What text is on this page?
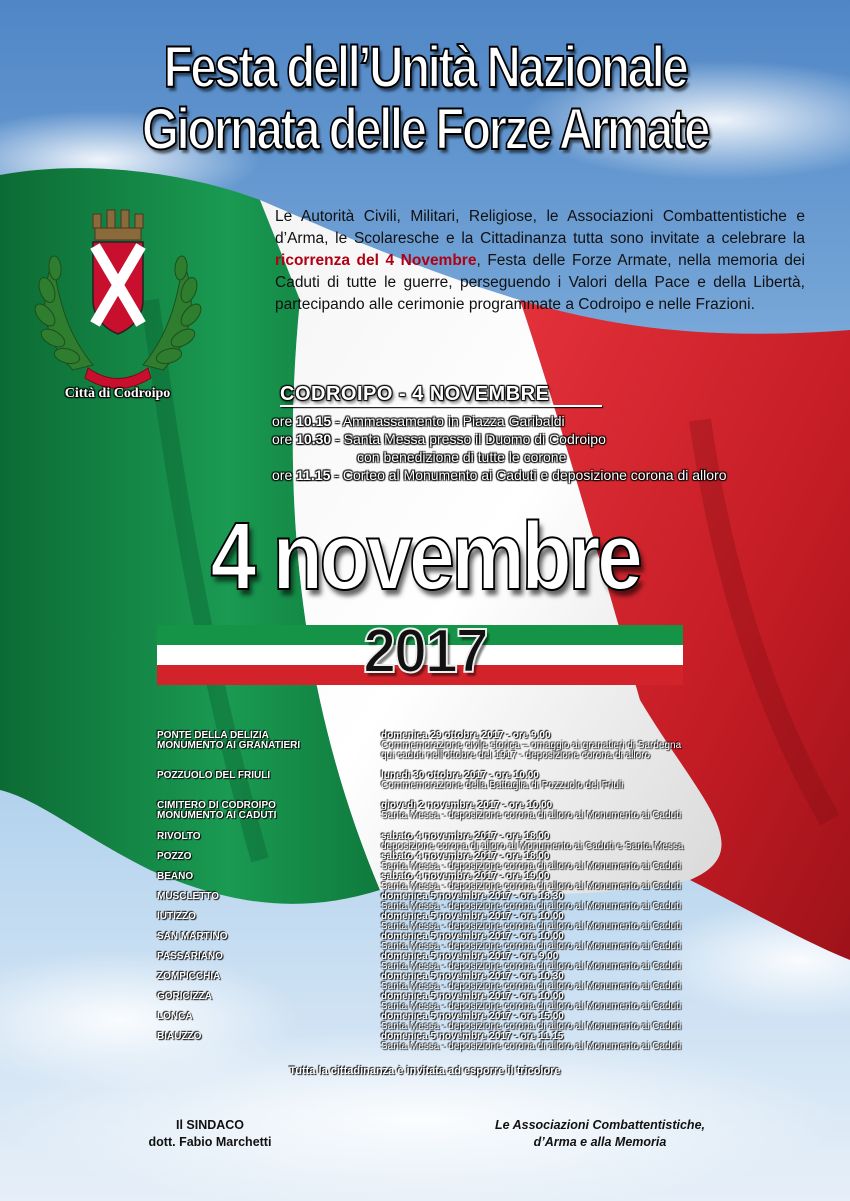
Festa dell’Unità Nazionale
Giornata delle Forze Armate
Città di Codroipo
Le Autorità Civili, Militari, Religiose, le Associazioni Combattentistiche e d’Arma, le Scolaresche e la Cittadinanza tutta sono invitate a celebrare la ricorrenza del 4 Novembre, Festa delle Forze Armate, nella memoria dei Caduti di tutte le guerre, perseguendo i Valori della Pace e della Libertà, partecipando alle cerimonie programmate a Codroipo e nelle Frazioni.
CODROIPO - 4 NOVEMBRE
ore 10.15 - Ammassamento in Piazza Garibaldi
ore 10.30 - Santa Messa presso il Duomo di Codroipo
con benedizione di tutte le corone
ore 11.15 - Corteo al Monumento ai Caduti e deposizione corona di alloro
4 novembre
2017
PONTE DELLA DELIZIA
MONUMENTO AI GRANATIERI
POZZUOLO DEL FRIULI
CIMITERO DI CODROIPO
MONUMENTO AI CADUTI
RIVOLTO
POZZO
BEANO
MUSCLETTO
IUTIZZO
SAN MARTINO
PASSARIANO
ZOMPICCHIA
GORICIZZA
LONCA
BIAUZZO
domenica 29 ottobre 2017 - ore 9.00
Commemorazione civile storica – omaggio ai granatieri di Sardegna
qui caduti nell’ottobre del 1917 - deposizione corona di alloro
lunedì 30 ottobre 2017 - ore 10.00
Commemorazione della Battaglia di Pozzuolo del Friuli
giovedì 2 novembre 2017 - ore 10.00
Santa Messa - deposizione corona di alloro al Monumento ai Caduti
sabato 4 novembre 2017 - ore 18.00
deposizione corona di alloro al Monumento ai Caduti e Santa Messa
sabato 4 novembre 2017 - ore 18.00
Santa Messa - deposizione corona di alloro al Monumento ai Caduti
sabato 4 novembre 2017 - ore 19.00
Santa Messa - deposizione corona di alloro al Monumento ai Caduti
domenica 5 novembre 2017 - ore 18.30
Santa Messa - deposizione corona di alloro al Monumento ai Caduti
domenica 5 novembre 2017 - ore 10.00
Santa Messa - deposizione corona di alloro al Monumento ai Caduti
domenica 5 novembre 2017 - ore 10.00
Santa Messa - deposizione corona di alloro al Monumento ai Caduti
domenica 5 novembre 2017 - ore 9.00
Santa Messa - deposizione corona di alloro al Monumento ai Caduti
domenica 5 novembre 2017 - ore 10.30
Santa Messa - deposizione corona di alloro al Monumento ai Caduti
domenica 5 novembre 2017 - ore 10.00
Santa Messa - deposizione corona di alloro al Monumento ai Caduti
domenica 5 novembre 2017 - ore 15.00
Santa Messa - deposizione corona di alloro al Monumento ai Caduti
domenica 5 novembre 2017 - ore 11.15
Santa Messa - deposizione corona di alloro al Monumento ai Caduti
Tutta la cittadinanza è invitata ad esporre il tricolore
Il SINDACO
dott. Fabio Marchetti
Le Associazioni Combattentistiche,
d’Arma e alla Memoria
